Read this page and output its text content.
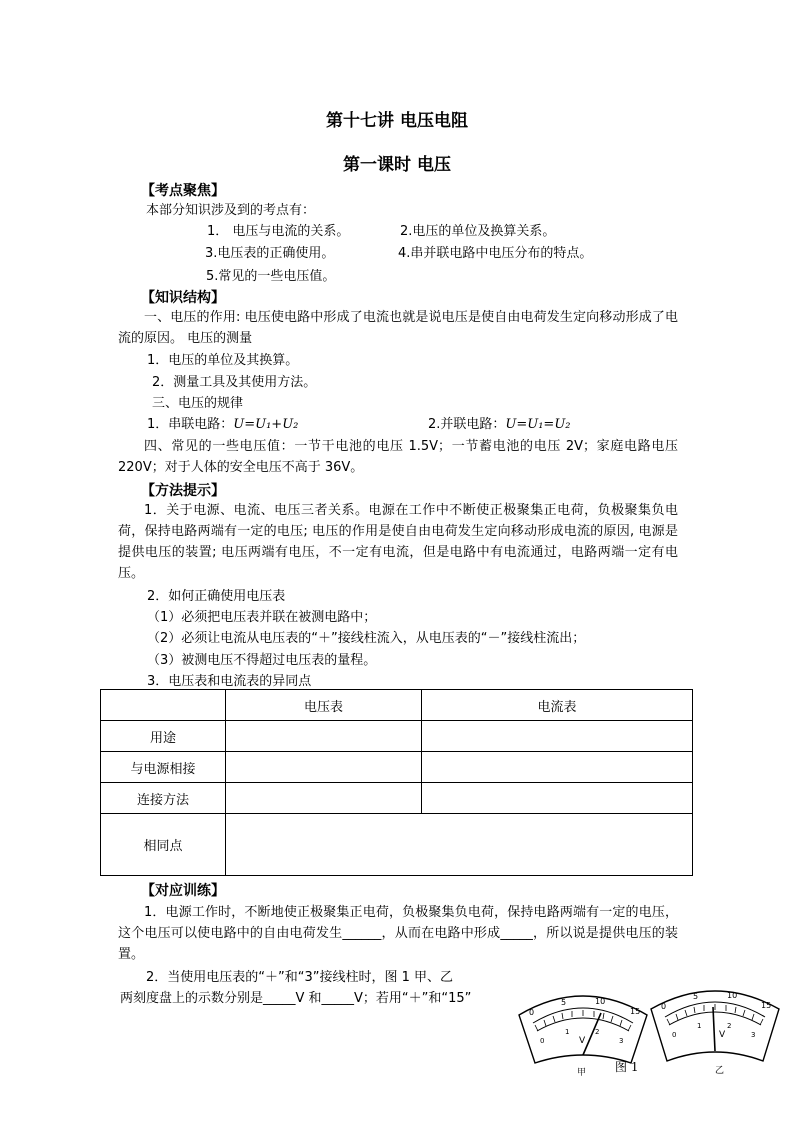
第十七讲 电压电阻
第一课时 电压
【考点聚焦】
本部分知识涉及到的考点有：
1． 电压与电流的关系。	2.电压的单位及换算关系。
3.电压表的正确使用。	4.串并联电路中电压分布的特点。
5.常见的一些电压值。
【知识结构】
一、电压的作用: 电压使电路中形成了电流也就是说电压是使自由电荷发生定向移动形成了电流的原因。 电压的测量
1．电压的单位及其换算。
2．测量工具及其使用方法。
三、电压的规律
1．串联电路：U=U₁+U₂	2.并联电路：U=U₁=U₂
四、常见的一些电压值：一节干电池的电压 1.5V；一节蓄电池的电压 2V；家庭电路电压 220V；对于人体的安全电压不高于 36V。
【方法提示】
1．关于电源、电流、电压三者关系。电源在工作中不断使正极聚集正电荷，负极聚集负电荷，保持电路两端有一定的电压; 电压的作用是使自由电荷发生定向移动形成电流的原因, 电源是提供电压的装置; 电压两端有电压，不一定有电流，但是电路中有电流通过，电路两端一定有电压。
2．如何正确使用电压表
（1）必须把电压表并联在被测电路中；
（2）必须让电流从电压表的“＋”接线柱流入，从电压表的“－”接线柱流出；
（3）被测电压不得超过电压表的量程。
3．电压表和电流表的异同点
	电压表	电流表
用途		
与电源相接		
连接方法		
相同点		
【对应训练】
1．电源工作时，不断地使正极聚集正电荷，负极聚集负电荷，保持电路两端有一定的电压，这个电压可以使电路中的自由电荷发生______，从而在电路中形成_____，所以说是提供电压的装置。
2．当使用电压表的“＋”和“3”接线柱时，图 1 甲、乙
两刻度盘上的示数分别是_____V 和_____V；若用“＋”和“15”
0
5	10
15
0
1	2
3
V
甲
0
5	10
15
0
1	2
3
V
乙
图 1
